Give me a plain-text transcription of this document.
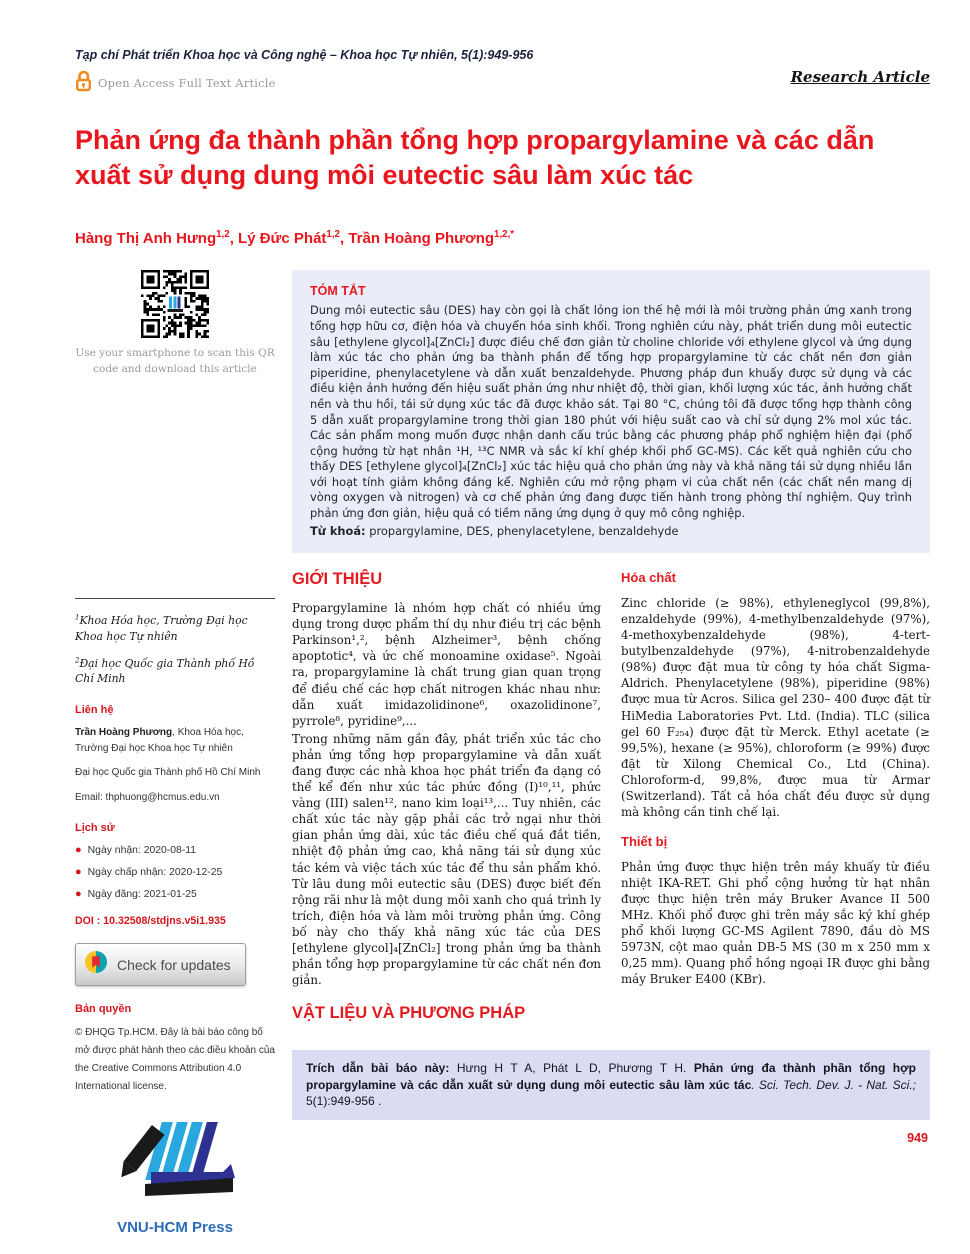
Tạp chí Phát triển Khoa học và Công nghệ – Khoa học Tự nhiên, 5(1):949-956
Open Access Full Text Article	Research Article
Phản ứng đa thành phần tổng hợp propargylamine và các dẫn xuất sử dụng dung môi eutectic sâu làm xúc tác
Hàng Thị Anh Hưng$^{1,2}$, Lý Đức Phát$^{1,2}$, Trần Hoàng Phương$^{1,2,*}$
Use your smartphone to scan this QR code and download this article
TÓM TẮT

Dung môi eutectic sâu (DES) hay còn gọi là chất lỏng ion thế hệ mới là môi trường phản ứng xanh trong tổng hợp hữu cơ, điện hóa và chuyển hóa sinh khối. Trong nghiên cứu này, phát triển dung môi eutectic sâu [ethylene glycol]₄[ZnCl₂] được điều chế đơn giản từ choline chloride với ethylene glycol và ứng dụng làm xúc tác cho phản ứng ba thành phần để tổng hợp propargylamine từ các chất nền đơn giản piperidine, phenylacetylene và dẫn xuất benzaldehyde. Phương pháp đun khuấy được sử dụng và các điều kiện ảnh hưởng đến hiệu suất phản ứng như nhiệt độ, thời gian, khối lượng xúc tác, ảnh hưởng chất nền và thu hồi, tái sử dụng xúc tác đã được khảo sát. Tại 80 °C, chúng tôi đã được tổng hợp thành công 5 dẫn xuất propargylamine trong thời gian 180 phút với hiệu suất cao và chỉ sử dụng 2% mol xúc tác. Các sản phẩm mong muốn được nhận danh cấu trúc bằng các phương pháp phổ nghiệm hiện đại (phổ cộng hưởng từ hạt nhân ¹H, ¹³C NMR và sắc kí khí ghép khối phổ GC-MS). Các kết quả nghiên cứu cho thấy DES [ethylene glycol]₄[ZnCl₂] xúc tác hiệu quả cho phản ứng này và khả năng tái sử dụng nhiều lần với hoạt tính giảm không đáng kể. Nghiên cứu mở rộng phạm vi của chất nền (các chất nền mang dị vòng oxygen và nitrogen) và cơ chế phản ứng đang được tiến hành trong phòng thí nghiệm. Quy trình phản ứng đơn giản, hiệu quả có tiềm năng ứng dụng ở quy mô công nghiệp.

Từ khoá: propargylamine, DES, phenylacetylene, benzaldehyde

$^1$Khoa Hóa học, Trường Đại học Khoa học Tự nhiên

$^2$Đại học Quốc gia Thành phố Hồ Chí Minh

Liên hệ

Trần Hoàng Phương, Khoa Hóa học, Trường Đại học Khoa học Tự nhiên

Đại học Quốc gia Thành phố Hồ Chí Minh

Email: thphuong@hcmus.edu.vn

Lịch sử
● Ngày nhận: 2020-08-11
● Ngày chấp nhận: 2020-12-25
● Ngày đăng: 2021-01-25
DOI : 10.32508/stdjns.v5i1.935
Check for updates
Bản quyền

© ĐHQG Tp.HCM. Đây là bài báo công bố mở được phát hành theo các điều khoản của the Creative Commons Attribution 4.0 International license.

VNU-HCM Press
GIỚI THIỆU

Propargylamine là nhóm hợp chất có nhiều ứng dụng trong dược phẩm thí dụ như điều trị các bệnh Parkinson¹,², bệnh Alzheimer³, bệnh chống apoptotic⁴, và ức chế monoamine oxidase⁵. Ngoài ra, propargylamine là chất trung gian quan trọng để điều chế các hợp chất nitrogen khác nhau như: dẫn xuất imidazolidinone⁶, oxazolidinone⁷, pyrrole⁸, pyridine⁹,...

Trong những năm gần đây, phát triển xúc tác cho phản ứng tổng hợp propargylamine và dẫn xuất đang được các nhà khoa học phát triển đa dạng có thể kể đến như xúc tác phức đồng (I)¹⁰,¹¹, phức vàng (III) salen¹², nano kim loại¹³,... Tuy nhiên, các chất xúc tác này gặp phải các trở ngại như thời gian phản ứng dài, xúc tác điều chế quá đắt tiền, nhiệt độ phản ứng cao, khả năng tái sử dụng xúc tác kém và việc tách xúc tác để thu sản phẩm khó. Từ lâu dung môi eutectic sâu (DES) được biết đến rộng rãi như là một dung môi xanh cho quá trình ly trích, điện hóa và làm môi trường phản ứng. Công bố này cho thấy khả năng xúc tác của DES [ethylene glycol]₄[ZnCl₂] trong phản ứng ba thành phần tổng hợp propargylamine từ các chất nền đơn giản.

VẬT LIỆU VÀ PHƯƠNG PHÁP
Hóa chất

Zinc chloride (≥ 98%), ethyleneglycol (99,8%), enzaldehyde (99%), 4-methylbenzaldehyde (97%), 4-methoxybenzaldehyde (98%), 4-tert-butylbenzaldehyde (97%), 4-nitrobenzaldehyde (98%) được đặt mua từ công ty hóa chất Sigma-Aldrich. Phenylacetylene (98%), piperidine (98%) được mua từ Acros. Silica gel 230– 400 được đặt từ HiMedia Laboratories Pvt. Ltd. (India). TLC (silica gel 60 F₂₅₄) được đặt từ Merck. Ethyl acetate (≥ 99,5%), hexane (≥ 95%), chloroform (≥ 99%) được đặt từ Xilong Chemical Co., Ltd (China). Chloroform-d, 99,8%, được mua từ Armar (Switzerland). Tất cả hóa chất đều được sử dụng mà không cần tinh chế lại.

Thiết bị

Phản ứng được thực hiện trên máy khuấy từ điều nhiệt IKA-RET. Ghi phổ cộng hưởng từ hạt nhân được thực hiện trên máy Bruker Avance II 500 MHz. Khối phổ được ghi trên máy sắc ký khí ghép phổ khối lượng GC-MS Agilent 7890, đầu dò MS 5973N, cột mao quản DB-5 MS (30 m x 250 mm x 0,25 mm). Quang phổ hồng ngoại IR được ghi bằng máy Bruker E400 (KBr).

Trích dẫn bài báo này: Hưng H T A, Phát L D, Phương T H. Phản ứng đa thành phần tổng hợp propargylamine và các dẫn xuất sử dụng dung môi eutectic sâu làm xúc tác. Sci. Tech. Dev. J. - Nat. Sci.; 5(1):949-956 .
949
